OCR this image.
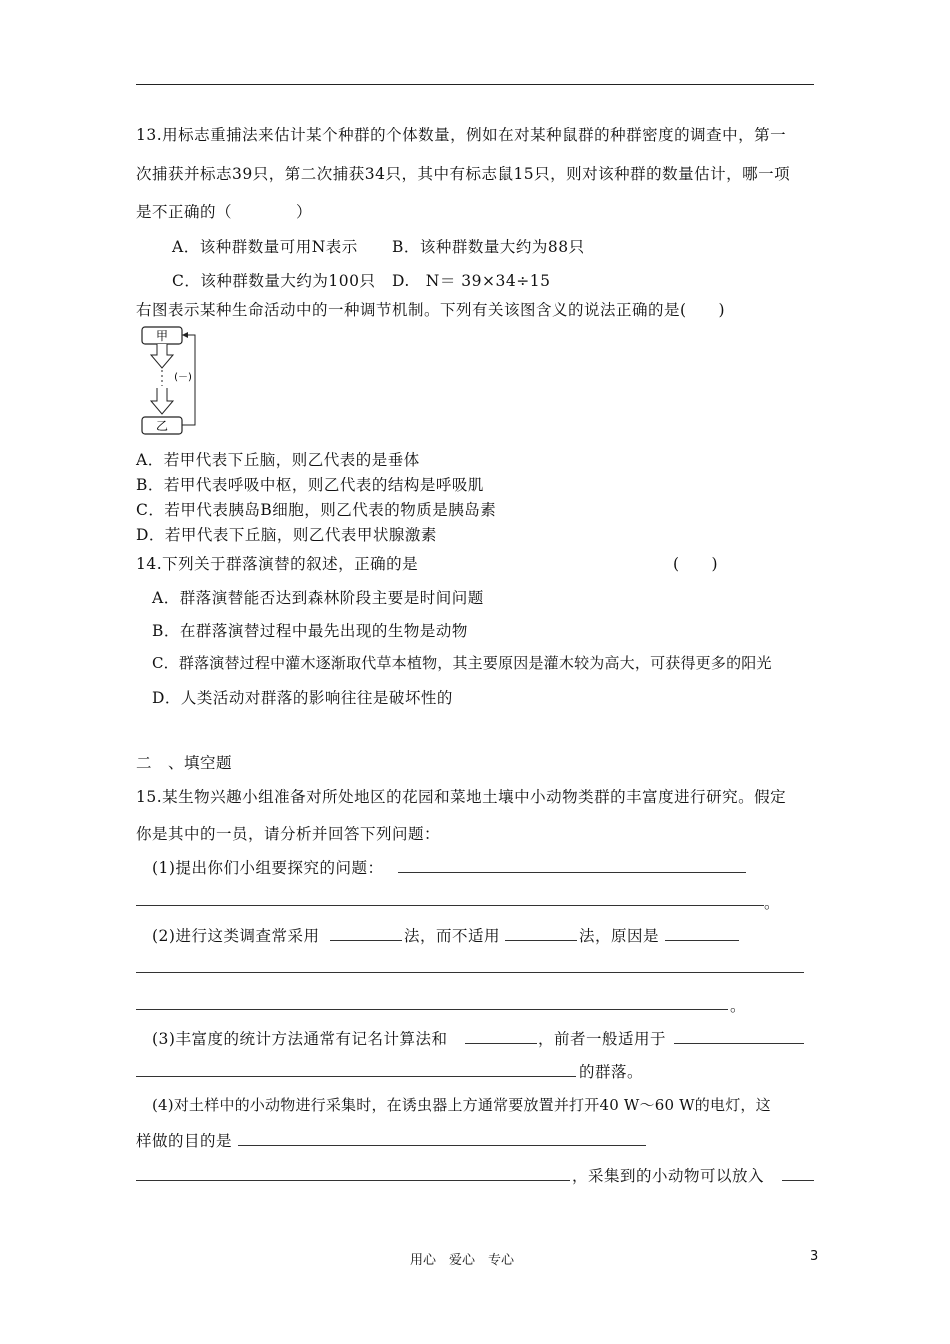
13.用标志重捕法来估计某个种群的个体数量，例如在对某种鼠群的种群密度的调查中，第一
次捕获并标志39只，第二次捕获34只，其中有标志鼠15只，则对该种群的数量估计，哪一项
是不正确的（　　　　）
A．该种群数量可用N表示 B．该种群数量大约为88只
C．该种群数量大约为100只 D.　N＝ 39×34÷15
右图表示某种生命活动中的一种调节机制。下列有关该图含义的说法正确的是(　　)
甲
乙
(－)
A．若甲代表下丘脑，则乙代表的是垂体
B．若甲代表呼吸中枢，则乙代表的结构是呼吸肌
C．若甲代表胰岛B细胞，则乙代表的物质是胰岛素
D．若甲代表下丘脑，则乙代表甲状腺激素
14.下列关于群落演替的叙述，正确的是	(　　)
A．群落演替能否达到森林阶段主要是时间问题
B．在群落演替过程中最先出现的生物是动物
C．群落演替过程中灌木逐渐取代草本植物，其主要原因是灌木较为高大，可获得更多的阳光
D．人类活动对群落的影响往往是破坏性的
二　、填空题
15.某生物兴趣小组准备对所处地区的花园和菜地土壤中小动物类群的丰富度进行研究。假定
你是其中的一员，请分析并回答下列问题：
(1)提出你们小组要探究的问题：
。
(2)进行这类调查常采用	法，而不适用	法，原因是
。
(3)丰富度的统计方法通常有记名计算法和	，前者一般适用于
的群落。
(4)对土样中的小动物进行采集时，在诱虫器上方通常要放置并打开40 W～60 W的电灯，这
样做的目的是
，采集到的小动物可以放入
用心　爱心　专心	3
